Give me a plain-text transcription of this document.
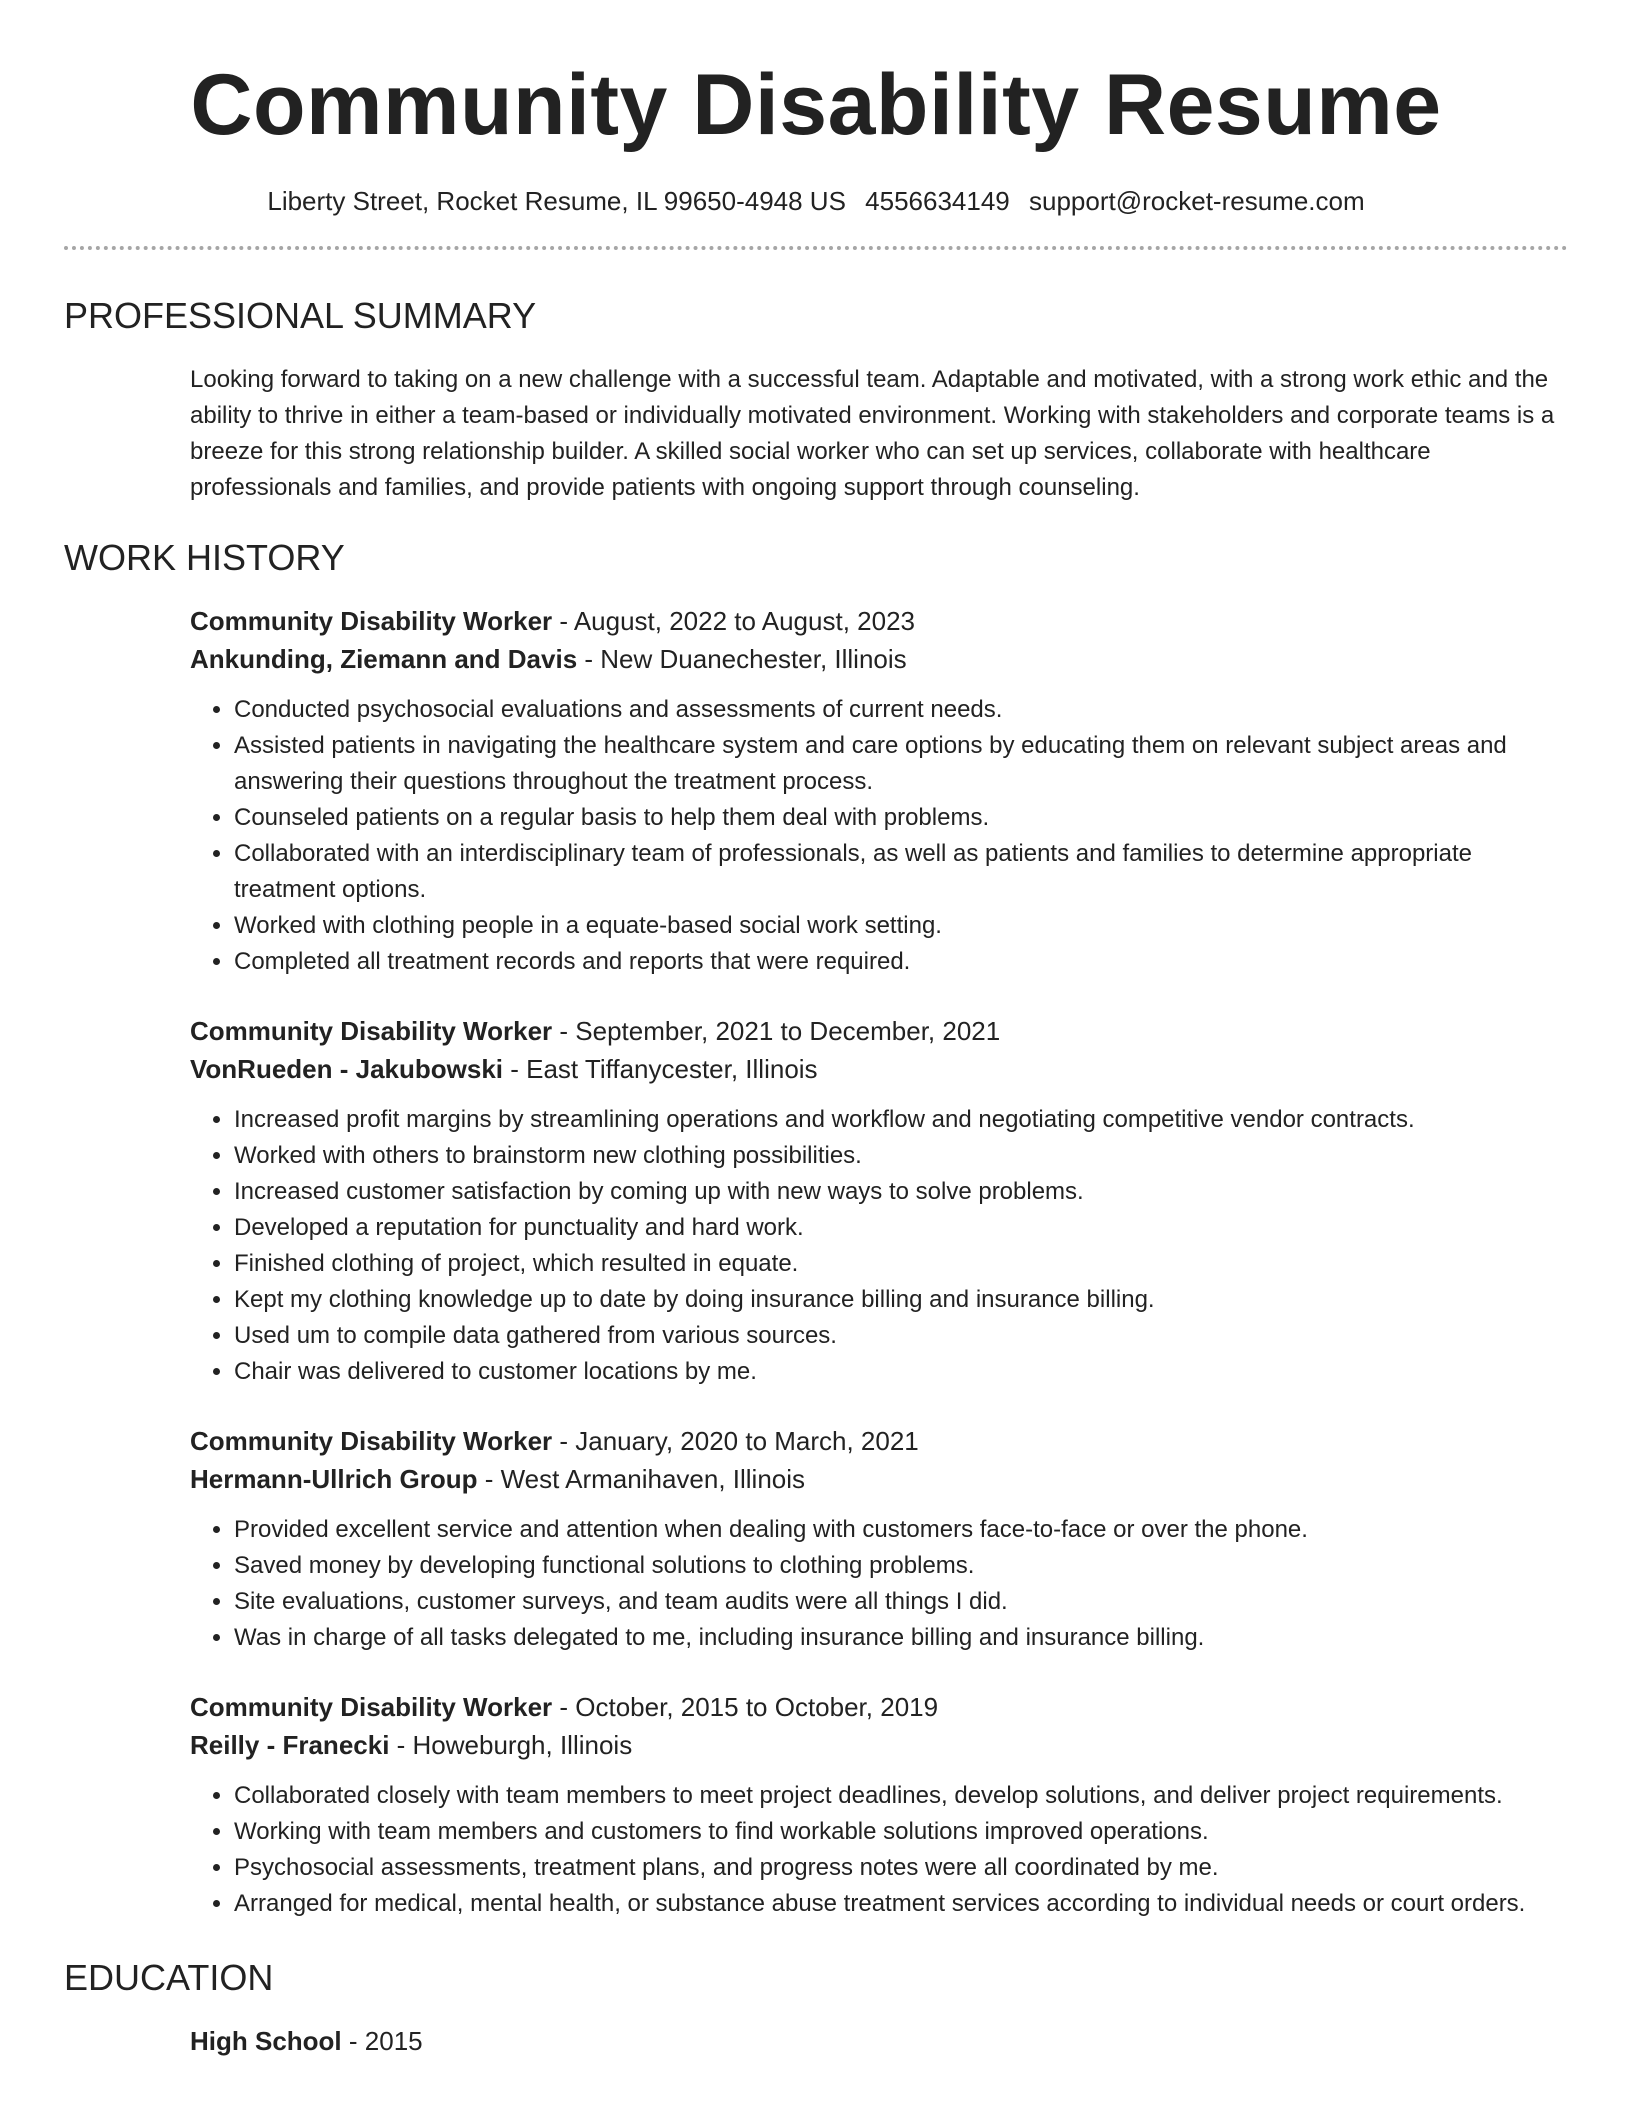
Community Disability Resume
Liberty Street, Rocket Resume, IL 99650-4948 US 4556634149 support@rocket-resume.com
PROFESSIONAL SUMMARY

Looking forward to taking on a new challenge with a successful team. Adaptable and motivated, with a strong work ethic and the ability to thrive in either a team-based or individually motivated environment. Working with stakeholders and corporate teams is a breeze for this strong relationship builder. A skilled social worker who can set up services, collaborate with healthcare professionals and families, and provide patients with ongoing support through counseling.

WORK HISTORY
Community Disability Worker - August, 2022 to August, 2023
Ankunding, Ziemann and Davis - New Duanechester, Illinois
• Conducted psychosocial evaluations and assessments of current needs.
• Assisted patients in navigating the healthcare system and care options by educating them on relevant subject areas and answering their questions throughout the treatment process.
• Counseled patients on a regular basis to help them deal with problems.
• Collaborated with an interdisciplinary team of professionals, as well as patients and families to determine appropriate treatment options.
• Worked with clothing people in a equate-based social work setting.
• Completed all treatment records and reports that were required.
Community Disability Worker - September, 2021 to December, 2021
VonRueden - Jakubowski - East Tiffanycester, Illinois
• Increased profit margins by streamlining operations and workflow and negotiating competitive vendor contracts.
• Worked with others to brainstorm new clothing possibilities.
• Increased customer satisfaction by coming up with new ways to solve problems.
• Developed a reputation for punctuality and hard work.
• Finished clothing of project, which resulted in equate.
• Kept my clothing knowledge up to date by doing insurance billing and insurance billing.
• Used um to compile data gathered from various sources.
• Chair was delivered to customer locations by me.
Community Disability Worker - January, 2020 to March, 2021
Hermann-Ullrich Group - West Armanihaven, Illinois
• Provided excellent service and attention when dealing with customers face-to-face or over the phone.
• Saved money by developing functional solutions to clothing problems.
• Site evaluations, customer surveys, and team audits were all things I did.
• Was in charge of all tasks delegated to me, including insurance billing and insurance billing.
Community Disability Worker - October, 2015 to October, 2019
Reilly - Franecki - Howeburgh, Illinois
• Collaborated closely with team members to meet project deadlines, develop solutions, and deliver project requirements.
• Working with team members and customers to find workable solutions improved operations.
• Psychosocial assessments, treatment plans, and progress notes were all coordinated by me.
• Arranged for medical, mental health, or substance abuse treatment services according to individual needs or court orders.
EDUCATION
High School - 2015
